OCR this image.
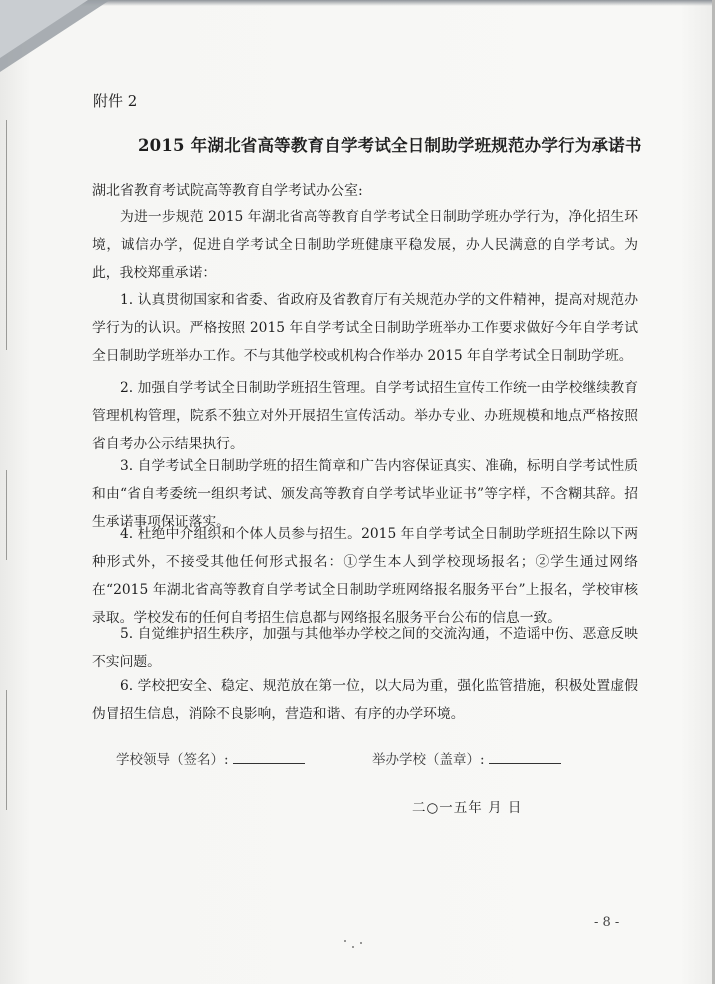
附件 2
2015 年湖北省高等教育自学考试全日制助学班规范办学行为承诺书
湖北省教育考试院高等教育自学考试办公室:
为进一步规范 2015 年湖北省高等教育自学考试全日制助学班办学行为，净化招生环境，诚信办学，促进自学考试全日制助学班健康平稳发展，办人民满意的自学考试。为此，我校郑重承诺：
1. 认真贯彻国家和省委、省政府及省教育厅有关规范办学的文件精神，提高对规范办学行为的认识。严格按照 2015 年自学考试全日制助学班举办工作要求做好今年自学考试全日制助学班举办工作。不与其他学校或机构合作举办 2015 年自学考试全日制助学班。
2. 加强自学考试全日制助学班招生管理。自学考试招生宣传工作统一由学校继续教育管理机构管理，院系不独立对外开展招生宣传活动。举办专业、办班规模和地点严格按照省自考办公示结果执行。
3. 自学考试全日制助学班的招生简章和广告内容保证真实、准确，标明自学考试性质和由“省自考委统一组织考试、颁发高等教育自学考试毕业证书”等字样，不含糊其辞。招生承诺事项保证落实。
4. 杜绝中介组织和个体人员参与招生。2015 年自学考试全日制助学班招生除以下两种形式外，不接受其他任何形式报名：①学生本人到学校现场报名；②学生通过网络在“2015 年湖北省高等教育自学考试全日制助学班网络报名服务平台”上报名，学校审核录取。学校发布的任何自考招生信息都与网络报名服务平台公布的信息一致。
5. 自觉维护招生秩序，加强与其他举办学校之间的交流沟通，不造谣中伤、恶意反映不实问题。
6. 学校把安全、稳定、规范放在第一位，以大局为重，强化监管措施，积极处置虚假伪冒招生信息，消除不良影响，营造和谐、有序的办学环境。
学校领导（签名）:	举办学校（盖章）:
二○一五年 月 日
- 8 -
